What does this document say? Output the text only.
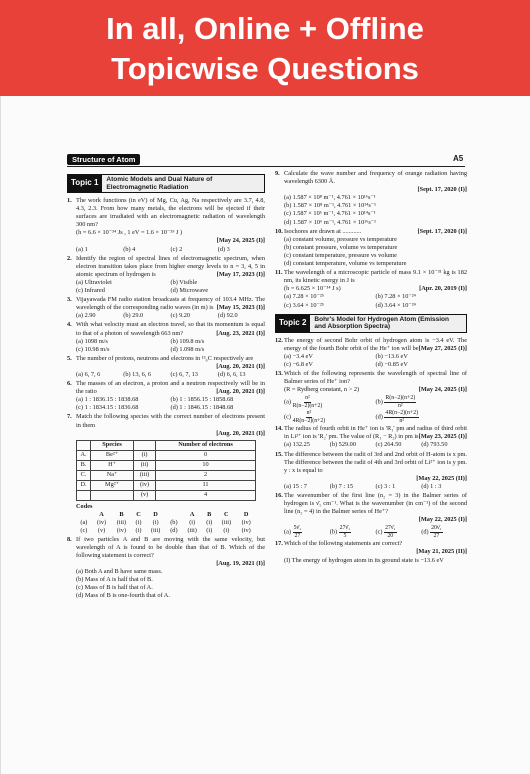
In all, Online + Offline
Topicwise Questions
Structure of Atom	A5
Topic 1	Atomic Models and Dual Nature of Electromagnetic Radiation
1. The work functions (in eV) of Mg, Cu, Ag, Na respectively are 3.7, 4.8, 4.3, 2.3. From how many metals, the electrons will be ejected if their surfaces are irradiated with an electromagnetic radiation of wavelength 300 nm?
(h = 6.6 × 10⁻³⁴ Js , 1 eV = 1.6 × 10⁻¹⁹ J )
[May 24, 2025 (I)]
(a) 1	(b) 4	(c) 2	(d) 3
2. Identify the region of spectral lines of electromagnetic spectrum, when electron transition takes place from higher energy levels to n = 3, 4, 5 in atomic spectrum of hydrogen is	[May 17, 2023 (I)]
(a) Ultraviolet	(b) Visible
(c) Infrared	(d) Microwave
3. Vijayawada FM radio station broadcasts at frequency of 103.4 MHz. The wavelength of the corresponding radio waves (in m) is [May 15, 2023 (I)]
(a) 2.90	(b) 29.0	(c) 9.20	(d) 92.0
4. With what velocity must an electron travel, so that its momentum is equal to that of a photon of wavelength 663 nm?	[Aug. 23, 2021 (I)]
(a) 1098 m/s	(b) 109.8 m/s
(c) 10.98 m/s	(d) 1.098 m/s
5. The number of protons, neutrons and electrons in ¹³₆C respectively are
[Aug. 20, 2021 (I)]
(a) 6, 7, 6	(b) 13, 6, 6	(c) 6, 7, 13	(d) 6, 6, 13
6. The masses of an electron, a proton and a neutron respectively will be in the ratio	[Aug. 20, 2021 (I)]
(a) 1 : 1836.15 : 1838.68	(b) 1 : 1856.15 : 1858.68
(c) 1 : 1834.15 : 1836.68	(d) 1 : 1846.15 : 1848.68
7. Match the following species with the correct number of electrons present in them
[Aug. 20, 2021 (I)]
	Species		Number of electrons
A.	Be²⁺	(i)	0
B.	H⁺	(ii)	10
C.	Na⁺	(iii)	2
D.	Mg²⁺	(iv)	11
		(v)	4
Codes
	A	B	C	D		A	B	C	D
(a)	(iv)	(iii)	(i)	(i)	(b)	(i)	(i)	(iii)	(iv)
(c)	(v)	(iv)	(i)	(iii)	(d)	(iii)	(i)	(i)	(iv)
8. If two particles A and B are moving with the same velocity, but wavelength of A is found to be double than that of B. Which of the following statement is correct?
[Aug. 19, 2021 (I)]
(a) Both A and B have same mass.
(b) Mass of A is half that of B.
(c) Mass of B is half that of A.
(d) Mass of B is one-fourth that of A.
9. Calculate the wave number and frequency of orange radiation having wavelength 6300 Å.
[Sept. 17, 2020 (I)]
(a) 1.587 × 10⁸ m⁻¹, 4.761 × 10¹⁶s⁻¹
(b) 1.587 × 10⁸ m⁻¹, 4.761 × 10¹⁴s⁻¹
(c) 1.587 × 10⁶ m⁻¹, 4.761 × 10¹⁴s⁻¹
(d) 1.587 × 10⁶ m⁻¹, 4.761 × 10¹⁶s⁻¹
10. Isochores are drawn at ............	[Sept. 17, 2020 (I)]
(a) constant volume, pressure vs temperature
(b) constant pressure, volume vs temperature
(c) constant temperature, pressure vs volume
(d) constant temperature, volume vs temperature
11. The wavelength of a microscopic particle of mass 9.1 × 10⁻³¹ kg is 182 nm, its kinetic energy in J is
(h = 6.625 × 10⁻³⁴ J s)	[Apr. 20, 2019 (I)]
(a) 7.28 × 10⁻²⁵	(b) 7.28 × 10⁻²⁴
(c) 3.64 × 10⁻²⁵	(d) 3.64 × 10⁻²⁴
Topic 2	Bohr's Model for Hydrogen Atom (Emission and Absorption Spectra)
12. The energy of second Bohr orbit of hydrogen atom is −3.4 eV. The energy of the fourth Bohr orbit of the He⁺ ion will be [May 27, 2025 (I)]
(a) −3.4 eV	(b) −13.6 eV
(c) −6.8 eV	(d) −0.85 eV
13. Which of the following represents the wavelength of spectral line of Balmer series of He⁺ ion?
(R = Rydberg constant, n > 2)	[May 24, 2025 (I)]
$(a) \frac{\text{n²}}{R(n-2)(n+2)}$	$(b) \frac{R(n-2)(n+2)}{\text{n²}}$
$(c) \frac{\text{n²}}{4R(n-2)(n+2)}$	$(d) \frac{4R(n-2)(n+2)}{\text{n²}}$
14. The radius of fourth orbit in He⁺ ion is 'R₁' pm and radius of third orbit in Li²⁺ ion is 'R₂' pm. The value of (R₁ − R₂) in pm is [May 23, 2025 (I)]
(a) 132.25	(b) 529.00	(c) 264.50	(d) 793.50
15. The difference between the radii of 3rd and 2nd orbit of H-atom is x pm. The difference between the radii of 4th and 3rd orbit of Li²⁺ ion is y pm. y : x is equal to
[May 22, 2025 (II)]
(a) 15 : 7	(b) 7 : 15	(c) 3 : 1	(d) 1 : 3
16. The wavenumber of the first line (n₂ = 3) in the Balmer series of hydrogen is ν̄₁ cm⁻¹. What is the wavenumber (in cm⁻¹) of the second line (n₂ = 4) in the Balmer series of He⁺?
[May 22, 2025 (I)]
$(a) \frac{\text{5ν̄₁}}{27}$	$(b) \frac{\text{27ν̄₁}}{5}$	$(c) \frac{\text{27ν̄₁}}{20}$	$(d) \frac{\text{20ν̄₁}}{27}$
17. Which of the following statements are correct?
[May 21, 2025 (II)]
(I) The energy of hydrogen atom in its ground state is −13.6 eV
